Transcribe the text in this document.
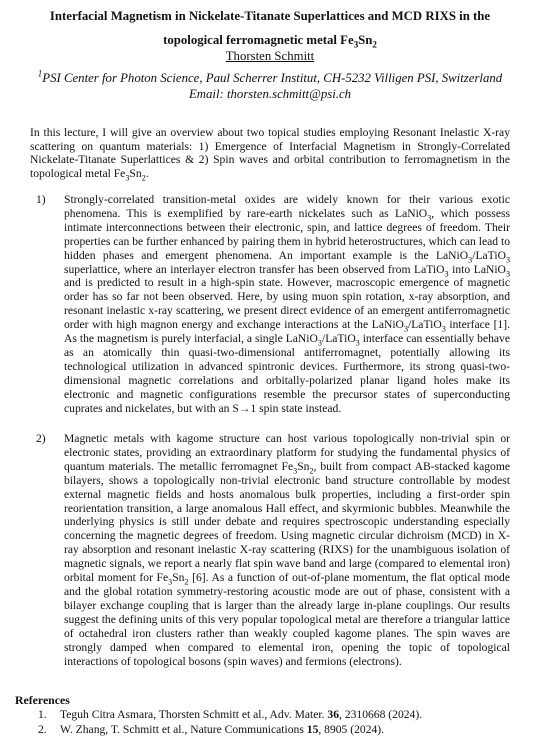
Interfacial Magnetism in Nickelate-Titanate Superlattices and MCD RIXS in the
topological ferromagnetic metal $Fe_3Sn_2$
Thorsten Schmitt
$^1$PSI Center for Photon Science, Paul Scherrer Institut, CH-5232 Villigen PSI, Switzerland
Email: thorsten.schmitt@psi.ch
In this lecture, I will give an overview about two topical studies employing Resonant Inelastic X-ray scattering on quantum materials: 1) Emergence of Interfacial Magnetism in Strongly-Correlated Nickelate-Titanate Superlattices & 2) Spin waves and orbital contribution to ferromagnetism in the topological metal $Fe_3Sn_2$.
1) Strongly-correlated transition-metal oxides are widely known for their various exotic phenomena. This is exemplified by rare-earth nickelates such as LaNiO$_3$, which possess intimate interconnections between their electronic, spin, and lattice degrees of freedom. Their properties can be further enhanced by pairing them in hybrid heterostructures, which can lead to hidden phases and emergent phenomena. An important example is the LaNiO$_3$/LaTiO$_3$ superlattice, where an interlayer electron transfer has been observed from LaTiO$_3$ into LaNiO$_3$ and is predicted to result in a high-spin state. However, macroscopic emergence of magnetic order has so far not been observed. Here, by using muon spin rotation, x-ray absorption, and resonant inelastic x-ray scattering, we present direct evidence of an emergent antiferromagnetic order with high magnon energy and exchange interactions at the LaNiO$_3$/LaTiO$_3$ interface [1]. As the magnetism is purely interfacial, a single LaNiO$_3$/LaTiO$_3$ interface can essentially behave as an atomically thin quasi-two-dimensional antiferromagnet, potentially allowing its technological utilization in advanced spintronic devices. Furthermore, its strong quasi-two-dimensional magnetic correlations and orbitally-polarized planar ligand holes make its electronic and magnetic configurations resemble the precursor states of superconducting cuprates and nickelates, but with an S→1 spin state instead.
2) Magnetic metals with kagome structure can host various topologically non-trivial spin or electronic states, providing an extraordinary platform for studying the fundamental physics of quantum materials. The metallic ferromagnet $Fe_3Sn_2$, built from compact AB-stacked kagome bilayers, shows a topologically non-trivial electronic band structure controllable by modest external magnetic fields and hosts anomalous bulk properties, including a first-order spin reorientation transition, a large anomalous Hall effect, and skyrmionic bubbles. Meanwhile the underlying physics is still under debate and requires spectroscopic understanding especially concerning the magnetic degrees of freedom. Using magnetic circular dichroism (MCD) in X-ray absorption and resonant inelastic X-ray scattering (RIXS) for the unambiguous isolation of magnetic signals, we report a nearly flat spin wave band and large (compared to elemental iron) orbital moment for $Fe_3Sn_2$ [6]. As a function of out-of-plane momentum, the flat optical mode and the global rotation symmetry-restoring acoustic mode are out of phase, consistent with a bilayer exchange coupling that is larger than the already large in-plane couplings. Our results suggest the defining units of this very popular topological metal are therefore a triangular lattice of octahedral iron clusters rather than weakly coupled kagome planes. The spin waves are strongly damped when compared to elemental iron, opening the topic of topological interactions of topological bosons (spin waves) and fermions (electrons).
References
1. Teguh Citra Asmara, Thorsten Schmitt et al., Adv. Mater. 36, 2310668 (2024).
2. W. Zhang, T. Schmitt et al., Nature Communications 15, 8905 (2024).
